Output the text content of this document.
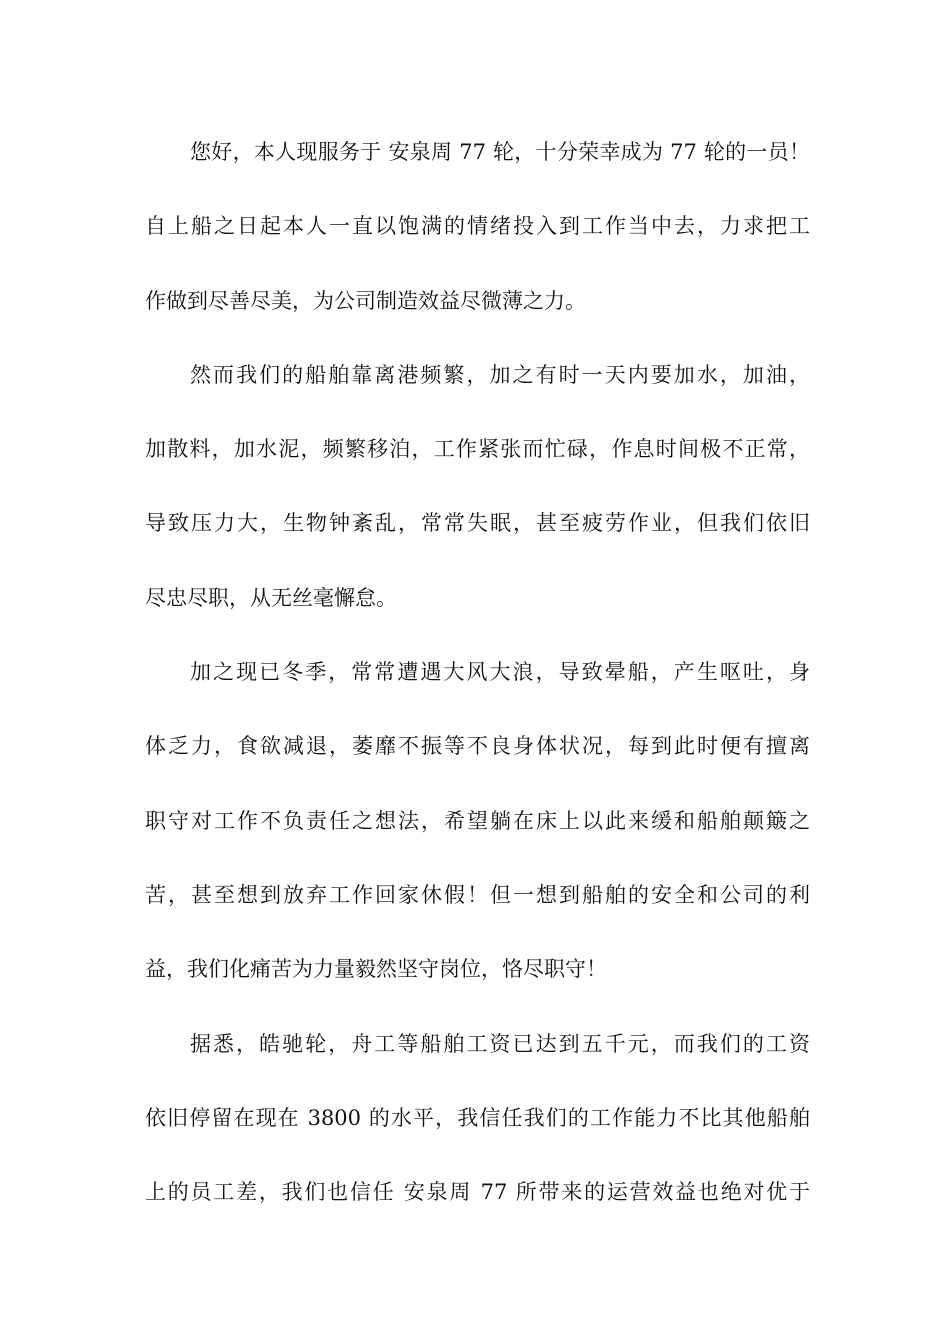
您好，本人现服务于 安泉周 77 轮，十分荣幸成为 77 轮的一员！
自上船之日起本人一直以饱满的情绪投入到工作当中去，力求把工
作做到尽善尽美，为公司制造效益尽微薄之力。
然而我们的船舶靠离港频繁，加之有时一天内要加水，加油，
加散料，加水泥，频繁移泊，工作紧张而忙碌，作息时间极不正常，
导致压力大，生物钟紊乱，常常失眠，甚至疲劳作业，但我们依旧
尽忠尽职，从无丝毫懈怠。
加之现已冬季，常常遭遇大风大浪，导致晕船，产生呕吐，身
体乏力，食欲减退，萎靡不振等不良身体状况，每到此时便有擅离
职守对工作不负责任之想法，希望躺在床上以此来缓和船舶颠簸之
苦，甚至想到放弃工作回家休假！但一想到船舶的安全和公司的利
益，我们化痛苦为力量毅然坚守岗位，恪尽职守！
据悉，皓驰轮，舟工等船舶工资已达到五千元，而我们的工资
依旧停留在现在 3800 的水平，我信任我们的工作能力不比其他船舶
上的员工差，我们也信任 安泉周 77 所带来的运营效益也绝对优于
